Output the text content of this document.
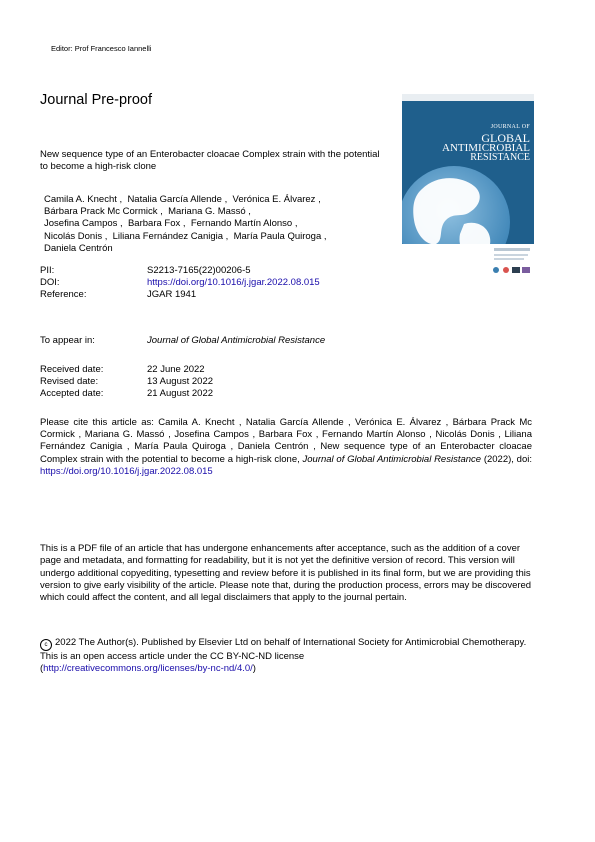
Editor: Prof Francesco Iannelli
Journal Pre-proof
New sequence type of an Enterobacter cloacae Complex strain with the potential to become a high-risk clone
Camila A. Knecht , Natalia García Allende , Verónica E. Álvarez ,
Bárbara Prack Mc Cormick , Mariana G. Massó ,
Josefina Campos , Barbara Fox , Fernando Martín Alonso ,
Nicolás Donis , Liliana Fernández Canigia , María Paula Quiroga ,
Daniela Centrón
JOURNAL OF
GLOBAL
ANTIMICROBIAL
RESISTANCE
PII:	S2213-7165(22)00206-5
DOI:	https://doi.org/10.1016/j.jgar.2022.08.015
Reference:	JGAR 1941
To appear in:	Journal of Global Antimicrobial Resistance
Received date:	22 June 2022
Revised date:	13 August 2022
Accepted date:	21 August 2022
Please cite this article as: Camila A. Knecht , Natalia García Allende , Verónica E. Álvarez , Bárbara Prack Mc Cormick , Mariana G. Massó , Josefina Campos , Barbara Fox , Fernando Martín Alonso , Nicolás Donis , Liliana Fernández Canigia , María Paula Quiroga , Daniela Centrón , New sequence type of an Enterobacter cloacae Complex strain with the potential to become a high-risk clone, Journal of Global Antimicrobial Resistance (2022), doi: https://doi.org/10.1016/j.jgar.2022.08.015
This is a PDF file of an article that has undergone enhancements after acceptance, such as the addition of a cover page and metadata, and formatting for readability, but it is not yet the definitive version of record. This version will undergo additional copyediting, typesetting and review before it is published in its final form, but we are providing this version to give early visibility of the article. Please note that, during the production process, errors may be discovered which could affect the content, and all legal disclaimers that apply to the journal pertain.
c 2022 The Author(s). Published by Elsevier Ltd on behalf of International Society for Antimicrobial Chemotherapy.
This is an open access article under the CC BY-NC-ND license
(http://creativecommons.org/licenses/by-nc-nd/4.0/)
